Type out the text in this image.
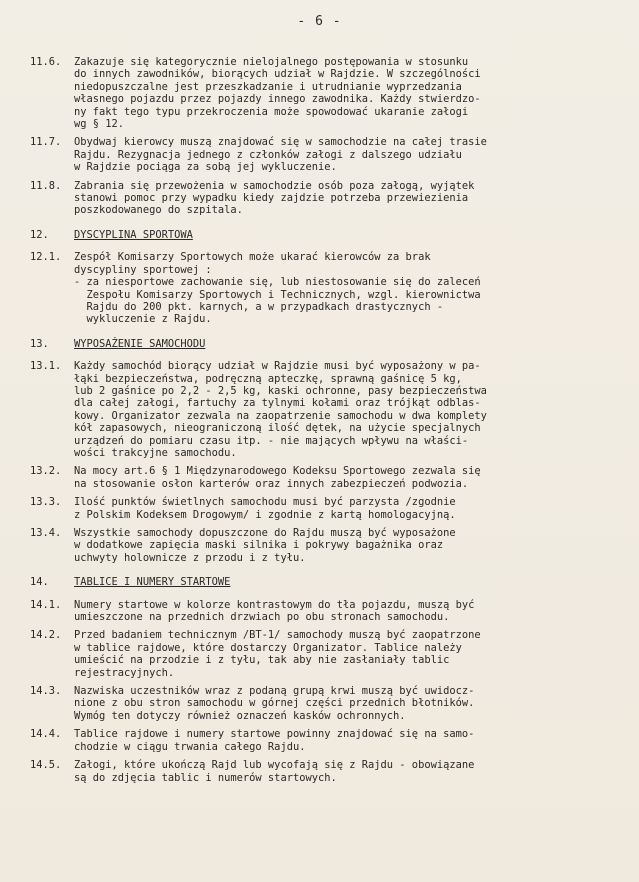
- 6 -
11.6.	Zakazuje się kategorycznie nielojalnego postępowania w stosunku
do innych zawodników, biorących udział w Rajdzie. W szczególności
niedopuszczalne jest przeszkadzanie i utrudnianie wyprzedzania
własnego pojazdu przez pojazdy innego zawodnika. Każdy stwierdzo-
ny fakt tego typu przekroczenia może spowodować ukaranie załogi
wg § 12.
11.7.	Obydwaj kierowcy muszą znajdować się w samochodzie na całej trasie
Rajdu. Rezygnacja jednego z członków załogi z dalszego udziału
w Rajdzie pociąga za sobą jej wykluczenie.
11.8.	Zabrania się przewożenia w samochodzie osób poza załogą, wyjątek
stanowi pomoc przy wypadku kiedy zajdzie potrzeba przewiezienia
poszkodowanego do szpitala.
12.	DYSCYPLINA SPORTOWA
12.1.	Zespół Komisarzy Sportowych może ukarać kierowców za brak
dyscypliny sportowej :
- za niesportowe zachowanie się, lub niestosowanie się do zaleceń
Zespołu Komisarzy Sportowych i Technicznych, wzgl. kierownictwa
Rajdu do 200 pkt. karnych, a w przypadkach drastycznych -
wykluczenie z Rajdu.
13.	WYPOSAŻENIE SAMOCHODU
13.1.	Każdy samochód biorący udział w Rajdzie musi być wyposażony w pa-
łąki bezpieczeństwa, podręczną apteczkę, sprawną gaśnicę 5 kg,
lub 2 gaśnice po 2,2 - 2,5 kg, kaski ochronne, pasy bezpieczeństwa
dla całej załogi, fartuchy za tylnymi kołami oraz trójkąt odblas-
kowy. Organizator zezwala na zaopatrzenie samochodu w dwa komplety
kół zapasowych, nieograniczoną ilość dętek, na użycie specjalnych
urządzeń do pomiaru czasu itp. - nie mających wpływu na właści-
wości trakcyjne samochodu.
13.2.	Na mocy art.6 § 1 Międzynarodowego Kodeksu Sportowego zezwala się
na stosowanie osłon karterów oraz innych zabezpieczeń podwozia.
13.3.	Ilość punktów świetlnych samochodu musi być parzysta /zgodnie
z Polskim Kodeksem Drogowym/ i zgodnie z kartą homologacyjną.
13.4.	Wszystkie samochody dopuszczone do Rajdu muszą być wyposażone
w dodatkowe zapięcia maski silnika i pokrywy bagażnika oraz
uchwyty holownicze z przodu i z tyłu.
14.	TABLICE I NUMERY STARTOWE
14.1.	Numery startowe w kolorze kontrastowym do tła pojazdu, muszą być
umieszczone na przednich drzwiach po obu stronach samochodu.
14.2.	Przed badaniem technicznym /BT-1/ samochody muszą być zaopatrzone
w tablice rajdowe, które dostarczy Organizator. Tablice należy
umieścić na przodzie i z tyłu, tak aby nie zasłaniały tablic
rejestracyjnych.
14.3.	Nazwiska uczestników wraz z podaną grupą krwi muszą być uwidocz-
nione z obu stron samochodu w górnej części przednich błotników.
Wymóg ten dotyczy również oznaczeń kasków ochronnych.
14.4.	Tablice rajdowe i numery startowe powinny znajdować się na samo-
chodzie w ciągu trwania całego Rajdu.
14.5.	Załogi, które ukończą Rajd lub wycofają się z Rajdu - obowiązane
są do zdjęcia tablic i numerów startowych.
